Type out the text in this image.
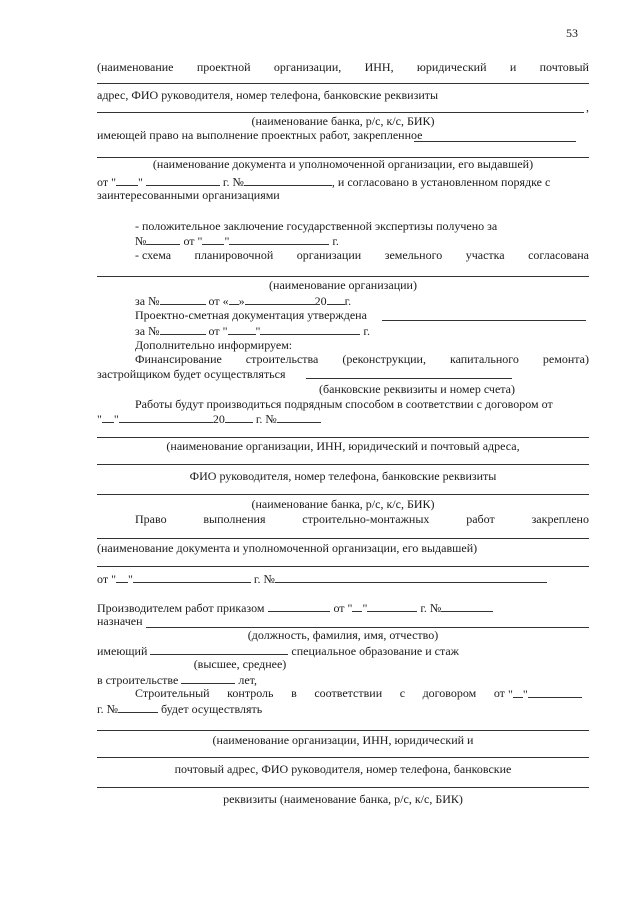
53
(наименование проектной организации, ИНН, юридический и почтовый
адрес, ФИО руководителя, номер телефона, банковские реквизиты
,
(наименование банка, р/с, к/с, БИК)
имеющей право на выполнение проектных работ, закрепленное
(наименование документа и уполномоченной организации, его выдавшей)
от " "	г. №	, и согласовано в установленном порядке с
заинтересованными организациями
- положительное заключение государственной экспертизы получено за
№	от " "	г.
- схема планировочной организации земельного участка согласована
(наименование организации)
за №	от « »	20 г.
Проектно-сметная документация утверждена
за №	от " "	г.
Дополнительно информируем:
Финансирование строительства (реконструкции, капитального ремонта)
застройщиком будет осуществляться
(банковские реквизиты и номер счета)
Работы будут производиться подрядным способом в соответствии с договором от
" "	20	г. №
(наименование организации, ИНН, юридический и почтовый адреса,
ФИО руководителя, номер телефона, банковские реквизиты
(наименование банка, р/с, к/с, БИК)
Право	выполнения	строительно-монтажных	работ	закреплено
(наименование документа и уполномоченной организации, его выдавшей)
от " "	г. №
Производителем работ приказом	от " "	г. №
назначен
(должность, фамилия, имя, отчество)
имеющий	специальное образование и стаж
(высшее, среднее)
в строительстве	лет,
Строительный контроль в соответствии с договором от " "
г. №	будет осуществлять
(наименование организации, ИНН, юридический и
почтовый адрес, ФИО руководителя, номер телефона, банковские
реквизиты (наименование банка, р/с, к/с, БИК)
